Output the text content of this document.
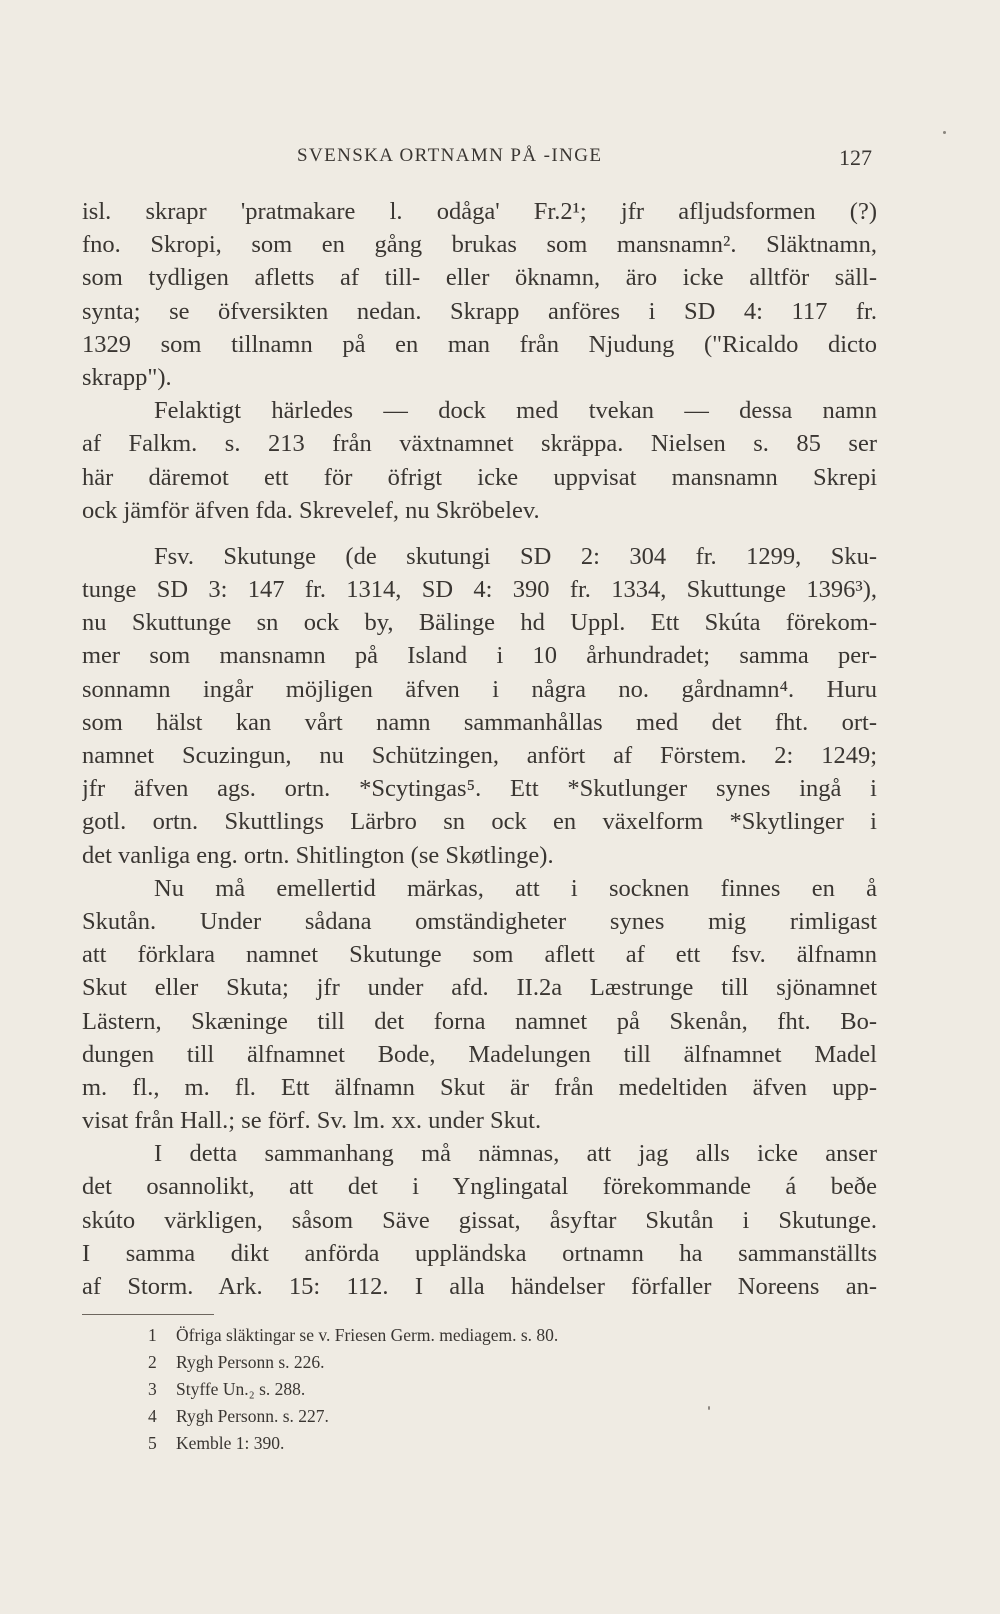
SVENSKA ORTNAMN PÅ -INGE	127
isl. skrapr 'pratmakare l. odåga' Fr.2¹; jfr afljudsformen (?)
fno. Skropi, som en gång brukas som mansnamn². Släktnamn,
som tydligen afletts af till- eller öknamn, äro icke alltför säll-
synta; se öfversikten nedan. Skrapp anföres i SD 4: 117 fr.
1329 som tillnamn på en man från Njudung ("Ricaldo dicto
skrapp").
Felaktigt härledes — dock med tvekan — dessa namn
af Falkm. s. 213 från växtnamnet skräppa. Nielsen s. 85 ser
här däremot ett för öfrigt icke uppvisat mansnamn Skrepi
ock jämför äfven fda. Skrevelef, nu Skröbelev.
Fsv. Skutunge (de skutungi SD 2: 304 fr. 1299, Sku-
tunge SD 3: 147 fr. 1314, SD 4: 390 fr. 1334, Skuttunge 1396³),
nu Skuttunge sn ock by, Bälinge hd Uppl. Ett Skúta förekom-
mer som mansnamn på Island i 10 århundradet; samma per-
sonnamn ingår möjligen äfven i några no. gårdnamn⁴. Huru
som hälst kan vårt namn sammanhållas med det fht. ort-
namnet Scuzingun, nu Schützingen, anfört af Förstem. 2: 1249;
jfr äfven ags. ortn. *Scytingas⁵. Ett *Skutlunger synes ingå i
gotl. ortn. Skuttlings Lärbro sn ock en växelform *Skytlinger i
det vanliga eng. ortn. Shitlington (se Skøtlinge).
Nu må emellertid märkas, att i socknen finnes en å
Skutån. Under sådana omständigheter synes mig rimligast
att förklara namnet Skutunge som aflett af ett fsv. älfnamn
Skut eller Skuta; jfr under afd. II.2a Læstrunge till sjönamnet
Lästern, Skæninge till det forna namnet på Skenån, fht. Bo-
dungen till älfnamnet Bode, Madelungen till älfnamnet Madel
m. fl., m. fl. Ett älfnamn Skut är från medeltiden äfven upp-
visat från Hall.; se förf. Sv. lm. xx. under Skut.
I detta sammanhang må nämnas, att jag alls icke anser
det osannolikt, att det i Ynglingatal förekommande á beðe
skúto värkligen, såsom Säve gissat, åsyftar Skutån i Skutunge.
I samma dikt anförda uppländska ortnamn ha sammanställts
af Storm. Ark. 15: 112. I alla händelser förfaller Noreens an-
1 Öfriga släktingar se v. Friesen Germ. mediagem. s. 80.
2 Rygh Personn s. 226.
3 Styffe Un.₂ s. 288.
4 Rygh Personn. s. 227.
5 Kemble 1: 390.
